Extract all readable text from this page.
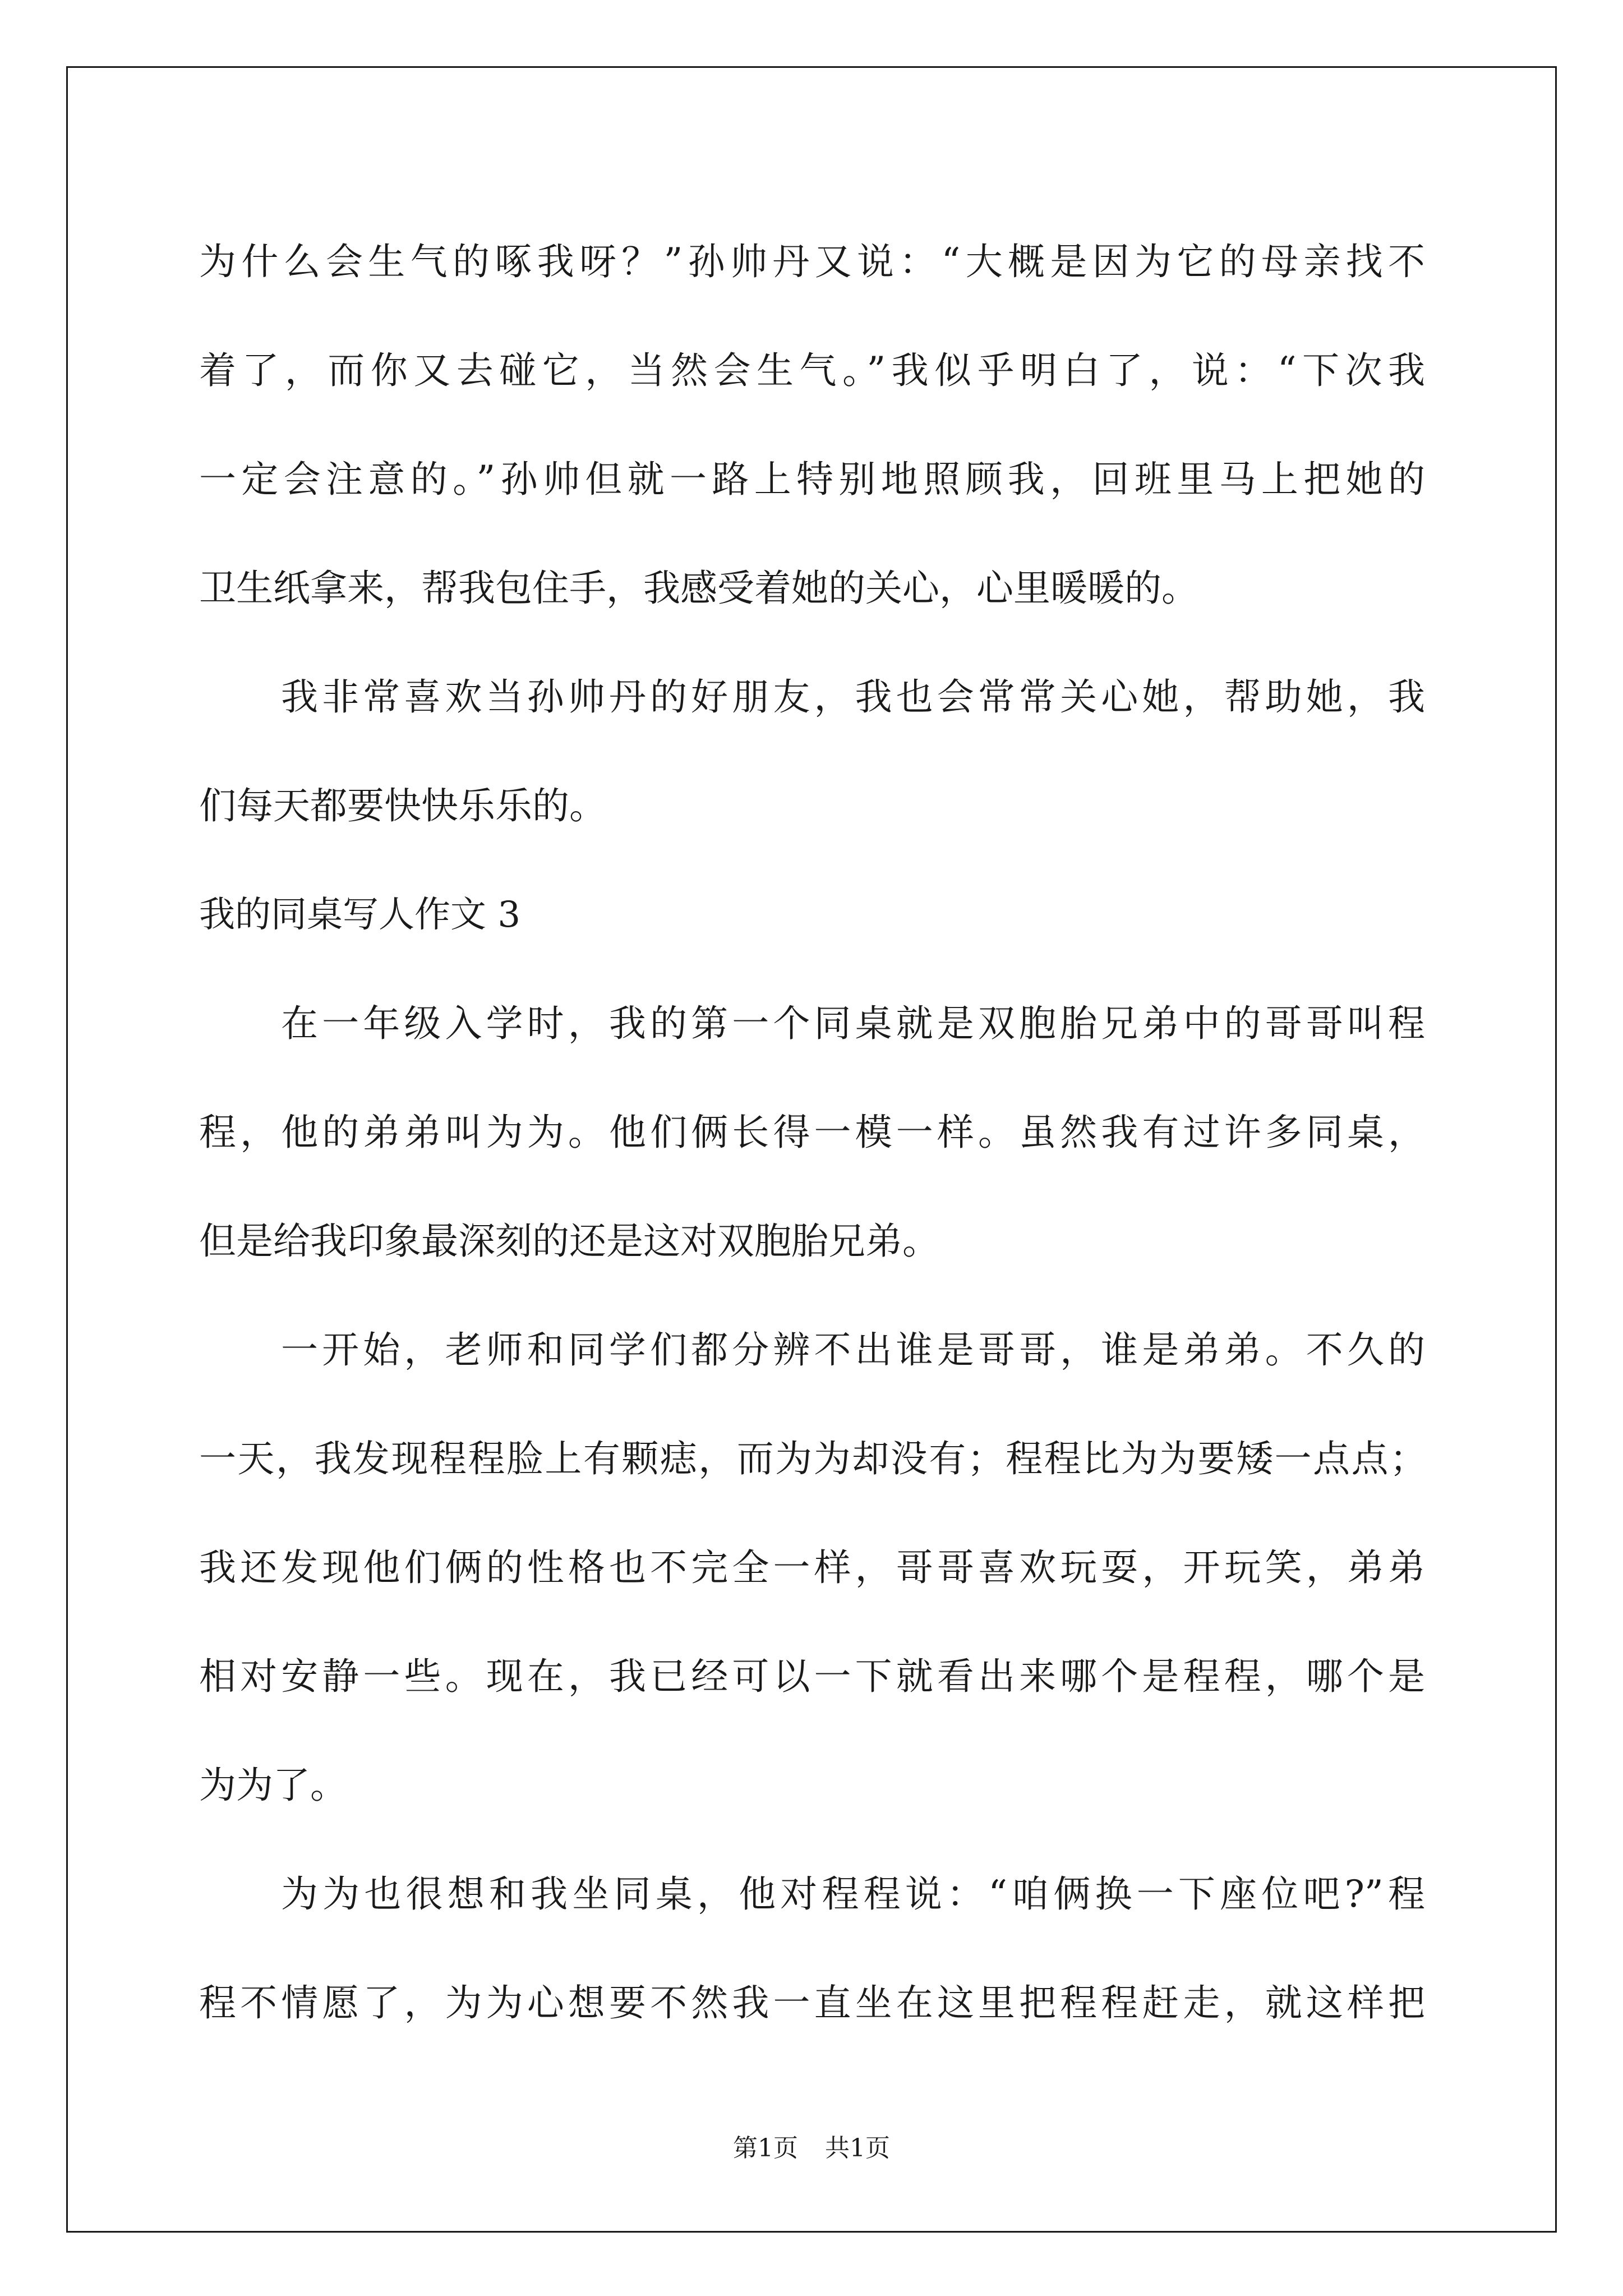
为什么会生气的啄我呀？”孙帅丹又说：“大概是因为它的母亲找不
着了，而你又去碰它，当然会生气。”我似乎明白了，说：“下次我
一定会注意的。”孙帅但就一路上特别地照顾我，回班里马上把她的
卫生纸拿来，帮我包住手，我感受着她的关心，心里暖暖的。
我非常喜欢当孙帅丹的好朋友，我也会常常关心她，帮助她，我
们每天都要快快乐乐的。
我的同桌写人作文 3
在一年级入学时，我的第一个同桌就是双胞胎兄弟中的哥哥叫程
程，他的弟弟叫为为。他们俩长得一模一样。虽然我有过许多同桌，
但是给我印象最深刻的还是这对双胞胎兄弟。
一开始，老师和同学们都分辨不出谁是哥哥，谁是弟弟。不久的
一天，我发现程程脸上有颗痣，而为为却没有；程程比为为要矮一点点；
我还发现他们俩的性格也不完全一样，哥哥喜欢玩耍，开玩笑，弟弟
相对安静一些。现在，我已经可以一下就看出来哪个是程程，哪个是
为为了。
为为也很想和我坐同桌，他对程程说：“咱俩换一下座位吧?”程
程不情愿了，为为心想要不然我一直坐在这里把程程赶走，就这样把
第1页 共1页
